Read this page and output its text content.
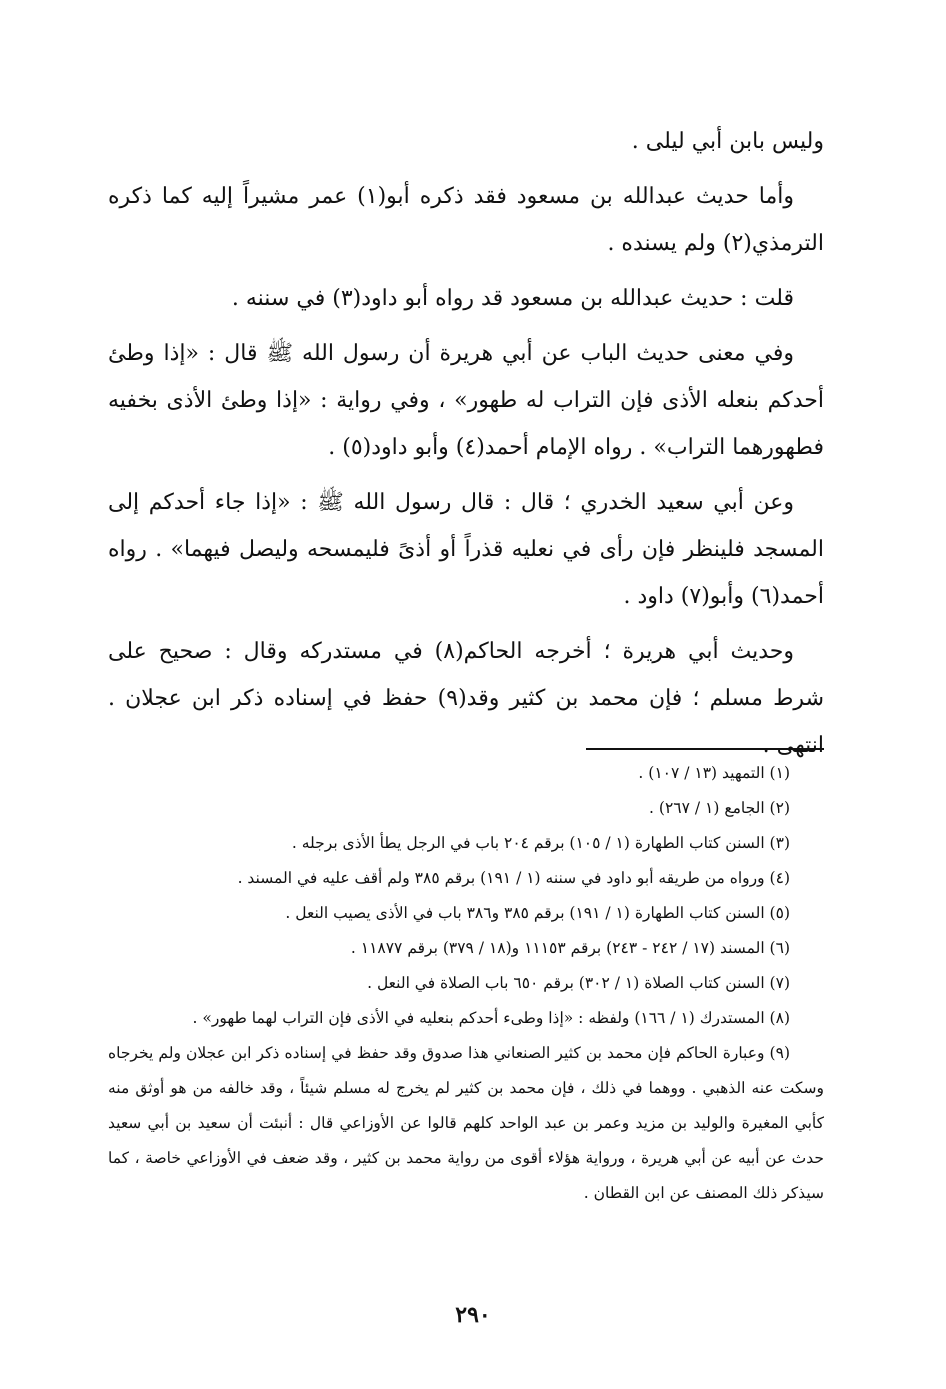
وليس بابن أبي ليلى .

وأما حديث عبدالله بن مسعود فقد ذكره أبو(١) عمر مشيراً إليه كما ذكره الترمذي(٢) ولم يسنده .

قلت : حديث عبدالله بن مسعود قد رواه أبو داود(٣) في سننه .

وفي معنى حديث الباب عن أبي هريرة أن رسول الله ﷺ قال : «إذا وطئ أحدكم بنعله الأذى فإن التراب له طهور» ، وفي رواية : «إذا وطئ الأذى بخفيه فطهورهما التراب» . رواه الإمام أحمد(٤) وأبو داود(٥) .

وعن أبي سعيد الخدري ؛ قال : قال رسول الله ﷺ : «إذا جاء أحدكم إلى المسجد فلينظر فإن رأى في نعليه قذراً أو أذىً فليمسحه وليصل فيهما» . رواه أحمد(٦) وأبو(٧) داود .

وحديث أبي هريرة ؛ أخرجه الحاكم(٨) في مستدركه وقال : صحيح على شرط مسلم ؛ فإن محمد بن كثير وقد(٩) حفظ في إسناده ذكر ابن عجلان . انتهى .

(١) التمهيد (١٣ / ١٠٧) .

(٢) الجامع (١ / ٢٦٧) .

(٣) السنن كتاب الطهارة (١ / ١٠٥) برقم ٢٠٤ باب في الرجل يطأ الأذى برجله .

(٤) ورواه من طريقه أبو داود في سننه (١ / ١٩١) برقم ٣٨٥ ولم أقف عليه في المسند .

(٥) السنن كتاب الطهارة (١ / ١٩١) برقم ٣٨٥ و٣٨٦ باب في الأذى يصيب النعل .

(٦) المسند (١٧ / ٢٤٢ - ٢٤٣) برقم ١١١٥٣ و(١٨ / ٣٧٩) برقم ١١٨٧٧ .

(٧) السنن كتاب الصلاة (١ / ٣٠٢) برقم ٦٥٠ باب الصلاة في النعل .

(٨) المستدرك (١ / ١٦٦) ولفظه : «إذا وطىء أحدكم بنعليه في الأذى فإن التراب لهما طهور» .

(٩) وعبارة الحاكم فإن محمد بن كثير الصنعاني هذا صدوق وقد حفظ في إسناده ذكر ابن عجلان ولم يخرجاه وسكت عنه الذهبي . ووهما في ذلك ، فإن محمد بن كثير لم يخرج له مسلم شيئاً ، وقد خالفه من هو أوثق منه كأبي المغيرة والوليد بن مزيد وعمر بن عبد الواحد كلهم قالوا عن الأوزاعي قال : أنبئت أن سعيد بن أبي سعيد حدث عن أبيه عن أبي هريرة ، ورواية هؤلاء أقوى من رواية محمد بن كثير ، وقد ضعف في الأوزاعي خاصة ، كما سيذكر ذلك المصنف عن ابن القطان .

٢٩٠
